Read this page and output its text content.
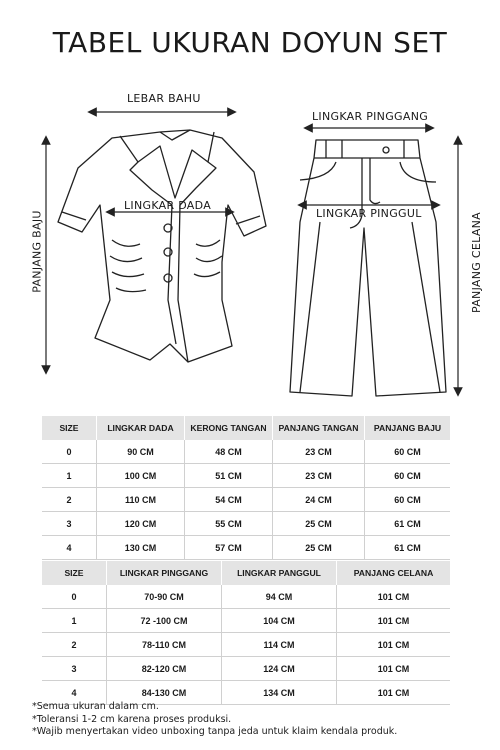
TABEL UKURAN DOYUN SET
LEBAR BAHU
LINGKAR DADA
PANJANG BAJU
LINGKAR PINGGANG
LINGKAR PINGGUL	PANJANG CELANA
SIZE	LINGKAR DADA	KERONG TANGAN	PANJANG TANGAN	PANJANG BAJU
0	90 CM	48 CM	23 CM	60 CM
1	100 CM	51 CM	23 CM	60 CM
2	110 CM	54 CM	24 CM	60 CM
3	120 CM	55 CM	25 CM	61 CM
4	130 CM	57 CM	25 CM	61 CM
SIZE	LINGKAR PINGGANG	LINGKAR PANGGUL	PANJANG CELANA
0	70-90 CM	94 CM	101 CM
1	72 -100 CM	104 CM	101 CM
2	78-110 CM	114 CM	101 CM
3	82-120 CM	124 CM	101 CM
4	84-130 CM	134 CM	101 CM
*Semua ukuran dalam cm.
*Toleransi 1-2 cm karena proses produksi.
*Wajib menyertakan video unboxing tanpa jeda untuk klaim kendala produk.
